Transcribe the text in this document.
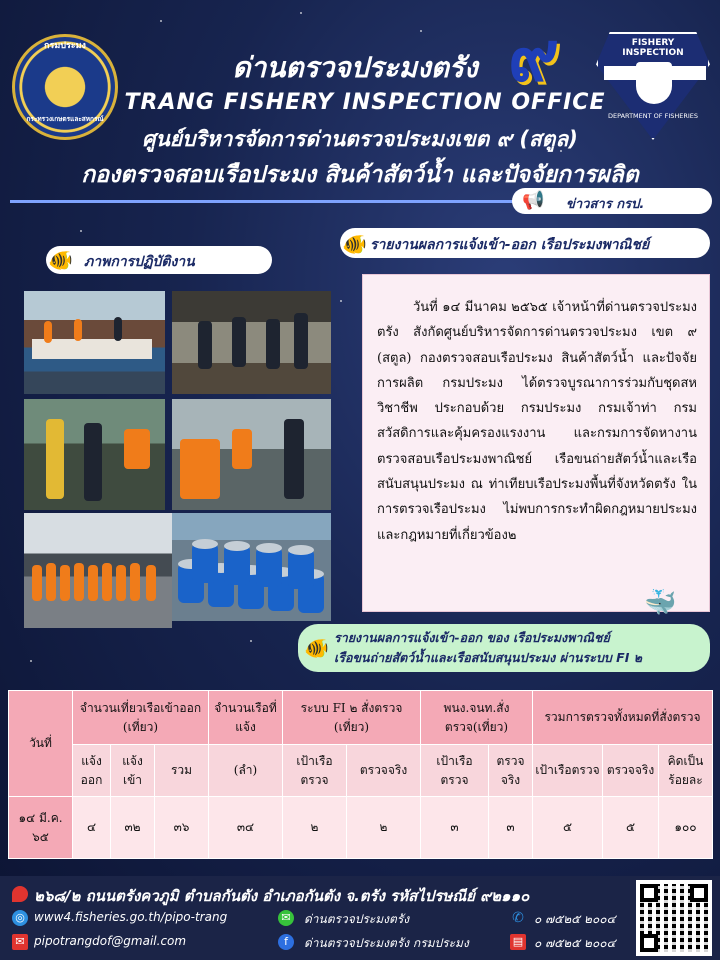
กรมประมง
กระทรวงเกษตรและสหกรณ์
๙	FISHERY INSPECTION
DEPARTMENT OF FISHERIES
ด่านตรวจประมงตรัง
TRANG FISHERY INSPECTION OFFICE
ศูนย์บริหารจัดการด่านตรวจประมงเขต ๙ (สตูล)
กองตรวจสอบเรือประมง สินค้าสัตว์น้ำ และปัจจัยการผลิต
📢 ข่าวสาร กรป.
รายงานผลการแจ้งเข้า-ออก เรือประมงพาณิชย์
🐠
ภาพการปฏิบัติงาน
🐠

วันที่ ๑๔ มีนาคม ๒๕๖๕ เจ้าหน้าที่ด่านตรวจประมงตรัง สังกัดศูนย์บริหารจัดการด่านตรวจประมง เขต ๙ (สตูล) กองตรวจสอบเรือประมง สินค้าสัตว์น้ำ และปัจจัยการผลิต กรมประมง ได้ตรวจบูรณาการร่วมกับชุดสหวิชาชีพ ประกอบด้วย กรมประมง กรมเจ้าท่า กรมสวัสดิการและคุ้มครองแรงงาน และกรมการจัดหางาน ตรวจสอบเรือประมงพาณิชย์ เรือขนถ่ายสัตว์น้ำและเรือสนับสนุนประมง ณ ท่าเทียบเรือประมงพื้นที่จังหวัดตรัง ในการตรวจเรือประมง ไม่พบการกระทำผิดกฎหมายประมงและกฎหมายที่เกี่ยวข้อง๒

🐳
รายงานผลการแจ้งเข้า-ออก ของ เรือประมงพาณิชย์
เรือขนถ่ายสัตว์น้ำและเรือสนับสนุนประมง ผ่านระบบ FI ๒
🐠
วันที่	จำนวนเที่ยวเรือเข้าออก (เที่ยว)			จำนวนเรือที่แจ้ง	ระบบ FI ๒ สั่งตรวจ (เที่ยว)		พนง.จนท.สั่งตรวจ(เที่ยว)		รวมการตรวจทั้งหมดที่สั่งตรวจ		
	แจ้งออก	แจ้งเข้า	รวม	(ลำ)	เป้าเรือตรวจ	ตรวจจริง	เป้าเรือตรวจ	ตรวจจริง	เป้าเรือตรวจ	ตรวจจริง	คิดเป็นร้อยละ
๑๔ มี.ค. ๖๕	๔	๓๒	๓๖	๓๔	๒	๒	๓	๓	๕	๕	๑๐๐
๒๖๘/๒ ถนนตรังควภูมิ ตำบลกันตัง อำเภอกันตัง จ.ตรัง รหัสไปรษณีย์ ๙๒๑๑๐
◎ www4.fisheries.go.th/pipo-trang	✉ ด่านตรวจประมงตรัง	✆ ๐ ๗๕๒๕ ๒๐๐๔
✉ pipotrangdof@gmail.com	f	ด่านตรวจประมงตรัง กรมประมง	▤ ๐ ๗๕๒๕ ๒๐๐๔
